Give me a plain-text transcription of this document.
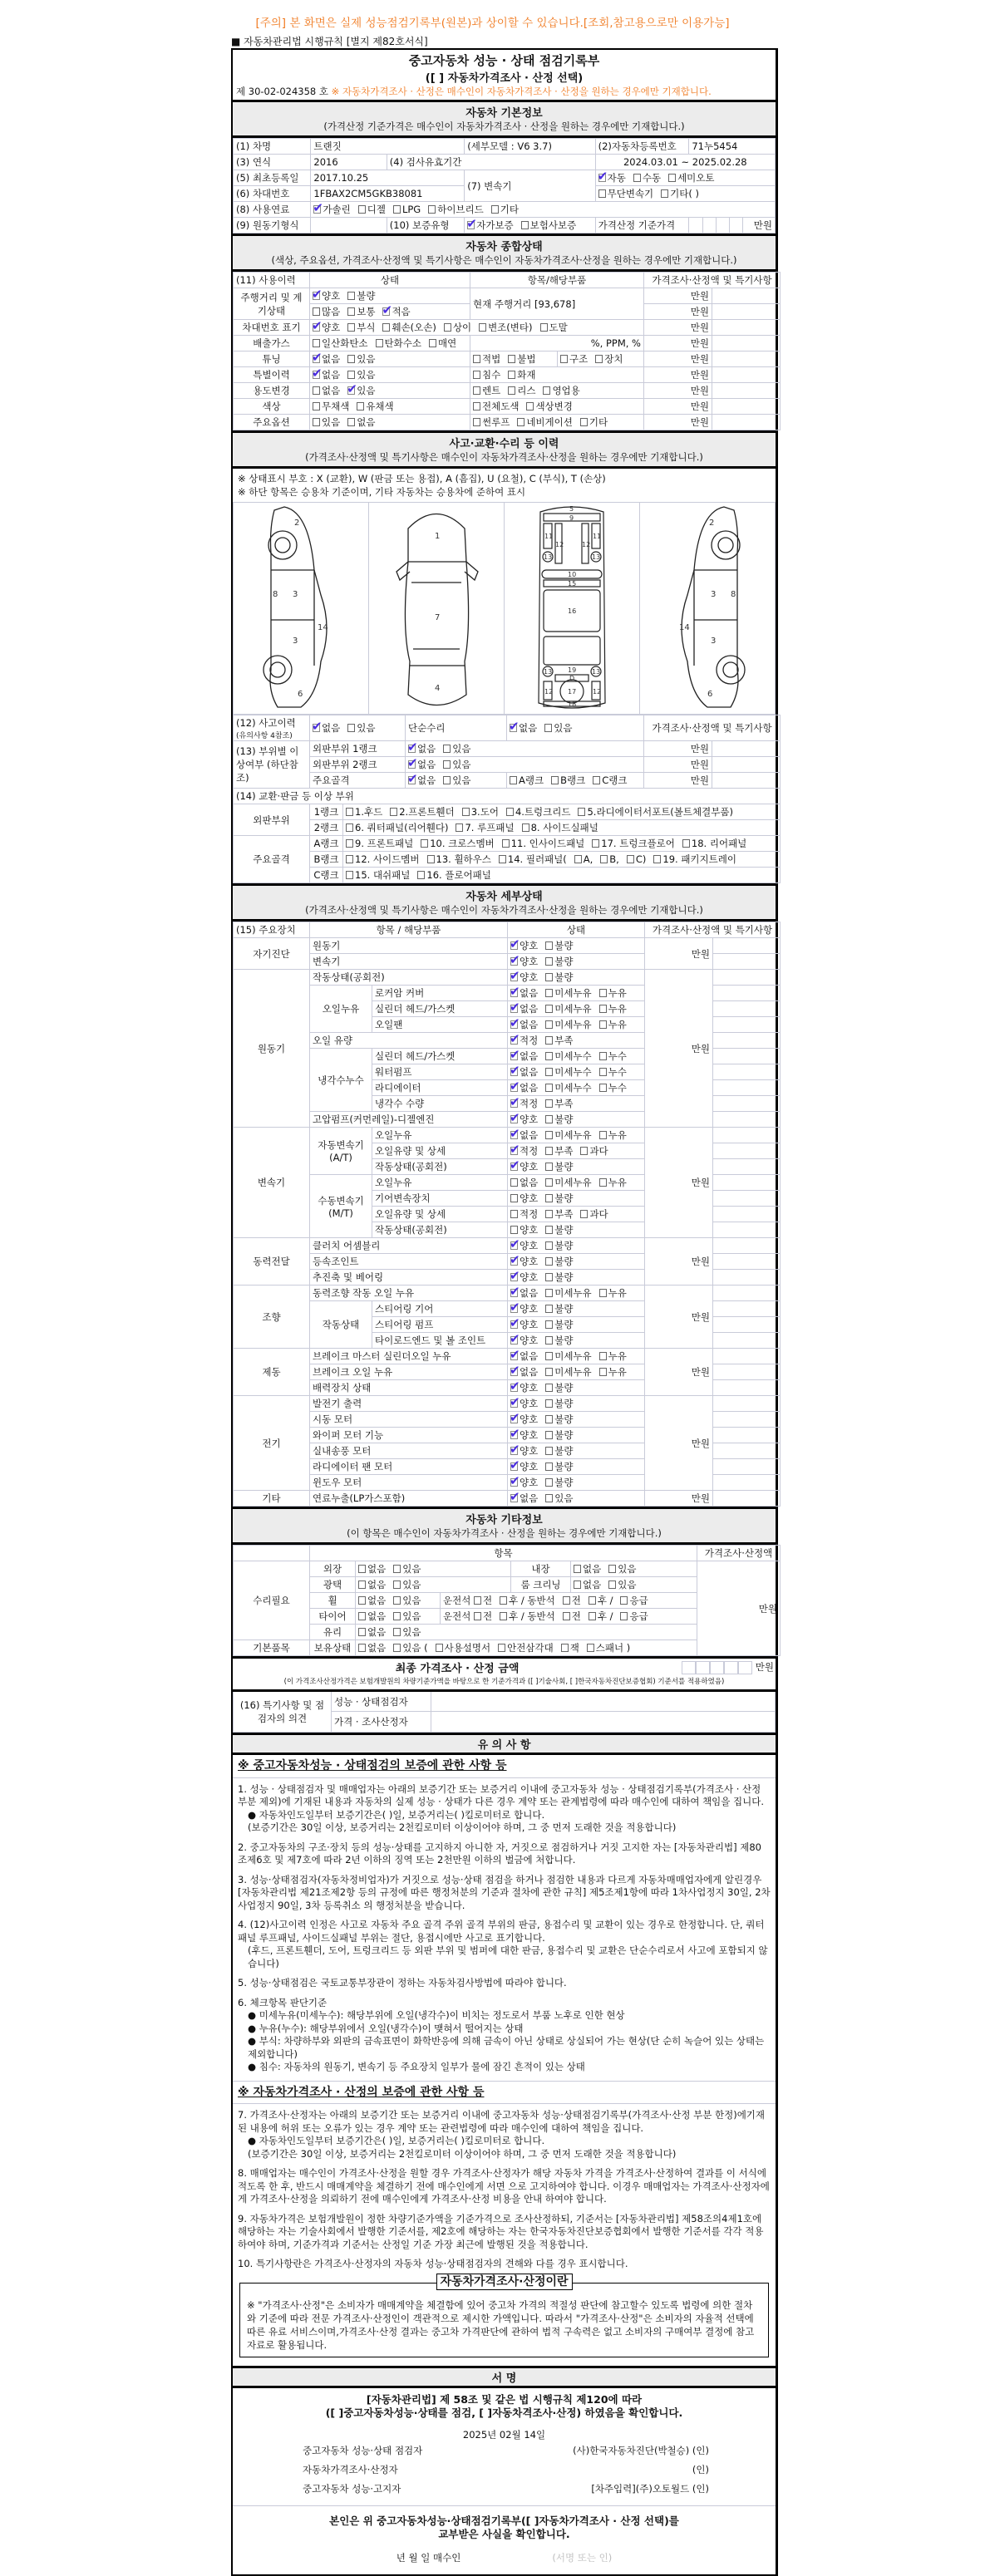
[주의] 본 화면은 실제 성능점검기록부(원본)과 상이할 수 있습니다.[조회,참고용으로만 이용가능]
■ 자동차관리법 시행규칙 [별지 제82호서식]
중고자동차 성능 · 상태 점검기록부
([ ] 자동차가격조사 · 산정 선택)
제 30-02-024358 호 ※ 자동차가격조사 · 산정은 매수인이 자동차가격조사 · 산정을 원하는 경우에만 기재합니다.
자동차 기본정보
(가격산정 기준가격은 매수인이 자동차가격조사 · 산정을 원하는 경우에만 기재합니다.)
(1) 차명	트랜짓		(세부모델 : V6 3.7)	(2)자동차등록번호	71누5454				
(3) 연식	2016	(4) 검사유효기간		2024.03.01 ~ 2025.02.28					
(5) 최초등록일	2017.10.25		(7) 변속기	✔자동 수동 세미오토
(6) 차대번호	1FBAX2CM5GKB38081			무단변속기 기타( )					
(8) 사용연료	✔가솔린 디젤 LPG 하이브리드 기타
(9) 원동기형식		(10) 보증유형	✔자가보증 보험사보증	가격산정 기준가격					만원
자동차 종합상태
(색상, 주요옵션, 가격조사·산정액 및 특기사항은 매수인이 자동차가격조사·산정을 원하는 경우에만 기재합니다.)
(11) 사용이력	상태	항목/해당부품		가격조사·산정액 및 특기사항	
주행거리 및 계기상태	✔양호 불량	현재 주행거리 [93,678]		만원	
	많음 보통 ✔ 적음			만원	
차대번호 표기	✔양호 부식 훼손(오손) 상이 변조(변타) 도말			만원	
배출가스	일산화탄소 탄화수소 매연	%, PPM, %		만원	
튜닝	✔없음 있음	적법 불법	구조 장치	만원	
특별이력	✔없음 있음	침수 화재		만원	
용도변경	없음 ✔ 있음	렌트 리스 영업용		만원	
색상	무채색 유채색	전체도색 색상변경		만원	
주요옵션	있음 없음	썬루프 네비게이션 기타		만원	
사고·교환·수리 등 이력
(가격조사·산정액 및 특기사항은 매수인이 자동차가격조사·산정을 원하는 경우에만 기재합니다.)
※ 상태표시 부호 : X (교환), W (판금 또는 용접), A (흠집), U (요철), C (부식), T (손상)
※ 하단 항목은 승용차 기준이며, 기타 자동차는 승용차에 준하여 표시
2
8 3
14
3
6

1
7
4

5
9
11
12	12
11
13	13
10
15
16
19
13	13
D
17
12	12
18

2
3 8
14
3
6
(12) 사고이력
(유의사항 4참조)
	✔없음 있음		단순수리	✔없음 있음	가격조사·산정액 및 특기사항	
(13) 부위별 이상여부 (하단참조)	외판부위 1랭크	✔없음 있음		만원	
	외판부위 2랭크	✔없음 있음		만원	
	주요골격	✔없음 있음	A랭크 B랭크 C랭크	만원	
(14) 교환·판금 등 이상 부위						
외판부위	1랭크	1.후드 2.프론트휀더 3.도어 4.트렁크리드 5.라디에이터서포트(볼트체결부품)				
	2랭크	6. 쿼터패널(리어휀다) 7. 루프패널 8. 사이드실패널				
주요골격	A랭크	9. 프론트패널 10. 크로스멤버 11. 인사이드패널 17. 트렁크플로어 18. 리어패널				
	B랭크	12. 사이드멤버 13. 휠하우스 14. 필러패널( A, B, C) 19. 패키지트레이				
	C랭크	15. 대쉬패널 16. 플로어패널				
자동차 세부상태
(가격조사·산정액 및 특기사항은 매수인이 자동차가격조사·산정을 원하는 경우에만 기재합니다.)
(15) 주요장치	항목 / 해당부품		상태	가격조사·산정액 및 특기사항	
자기진단	원동기	✔양호 불량	만원	
	변속기	✔양호 불량	
원동기	작동상태(공회전)	✔양호 불량	만원	
	오일누유	로커암 커버	✔없음 미세누유 누유	
		실린더 헤드/가스켓	✔없음 미세누유 누유	
		오일팬	✔없음 미세누유 누유	
	오일 유량	✔적정 부족	
	냉각수누수	실린더 헤드/가스켓	✔없음 미세누수 누수	
		워터펌프	✔없음 미세누수 누수	
		라디에이터	✔없음 미세누수 누수	
		냉각수 수량	✔적정 부족	
	고압펌프(커먼레일)-디젤엔진	✔양호 불량	
변속기	자동변속기 (A/T)	오일누유	✔없음 미세누유 누유	만원	
		오일유량 및 상세	✔적정 부족 과다	
		작동상태(공회전)	✔양호 불량	
	수동변속기 (M/T)	오일누유	없음 미세누유 누유		
		기어변속장치	양호 불량		
		오일유량 및 상세	적정 부족 과다		
		작동상태(공회전)	양호 불량		
동력전달	클러치 어셈블리	✔양호 불량	만원	
	등속조인트	✔양호 불량	
	추진축 및 베어링	✔양호 불량	
조향	동력조향 작동 오일 누유	✔없음 미세누유 누유	만원	
	작동상태	스티어링 기어	✔양호 불량	
		스티어링 펌프	✔양호 불량	
		타이로드엔드 및 볼 조인트	✔양호 불량	
제동	브레이크 마스터 실린더오일 누유	✔없음 미세누유 누유	만원	
	브레이크 오일 누유	✔없음 미세누유 누유	
	배력장치 상태	✔양호 불량	
전기	발전기 출력	✔양호 불량	만원	
	시동 모터	✔양호 불량	
	와이퍼 모터 기능	✔양호 불량	
	실내송풍 모터	✔양호 불량	
	라디에이터 팬 모터	✔양호 불량	
	윈도우 모터	✔양호 불량	
기타	연료누출(LP가스포함)	✔없음 있음	만원	
자동차 기타정보
(이 항목은 매수인이 자동차가격조사 · 산정을 원하는 경우에만 기재합니다.)
	항목					가격조사·산정액
수리필요	외장	없음 있음		내장	없음 있음	만원
	광택	없음 있음		룸 크리닝	없음 있음	
	휠	없음 있음	운전석 전 후 / 동반석 전 후 / 응급			
	타이어	없음 있음	운전석 전 후 / 동반석 전 후 / 응급			
	유리	없음 있음				
기본품목	보유상태	없음 있음 ( 사용설명서 안전삼각대 잭 스패너 )				
최종 가격조사 · 산정 금액	만원
(이 가격조사산정가격은 보험개발원의 차량기준가액을 바탕으로 한 기준가격과 ([ ]기술사회, [ ]한국자동차진단보증협회) 기준서를 적용하였음)
(16) 특기사항 및 점검자의 의견	성능 · 상태점검자	
	가격 · 조사산정자	
유 의 사 항
※ 중고자동차성능 · 상태점검의 보증에 관한 사항 등

1. 성능 · 상태점검자 및 매매업자는 아래의 보증기간 또는 보증거리 이내에 중고자동차 성능 · 상태점검기록부(가격조사 · 산정 부분 제외)에 기재된 내용과 자동차의 실제 성능 · 상태가 다른 경우 계약 또는 관계법령에 따라 매수인에 대하여 책임을 집니다.
● 자동차인도일부터 보증기간은( )일, 보증거리는( )킬로미터로 합니다.
(보증기간은 30일 이상, 보증거리는 2천킬로미터 이상이어야 하며, 그 중 먼저 도래한 것을 적용합니다)

2. 중고자동차의 구조·장치 등의 성능·상태를 고지하지 아니한 자, 거짓으로 점검하거나 거짓 고지한 자는 [자동차관리법] 제80조제6호 및 제7호에 따라 2년 이하의 징역 또는 2천만원 이하의 벌금에 처합니다.

3. 성능·상태점검자(자동차정비업자)가 거짓으로 성능·상태 점검을 하거나 점검한 내용과 다르게 자동차매매업자에게 알린경우 [자동차관리법 제21조제2항 등의 규정에 따른 행정처분의 기준과 절차에 관한 규칙] 제5조제1항에 따라 1차사업정지 30일, 2차 사업정지 90일, 3차 등록취소 의 행정처분을 받습니다.

4. (12)사고이력 인정은 사고로 자동차 주요 골격 주위 골격 부위의 판금, 용접수리 및 교환이 있는 경우로 한정합니다. 단, 쿼터패널 루프패널, 사이드실패널 부위는 절단, 용접시에만 사고로 표기합니다.
(후드, 프론트휀더, 도어, 트렁크리드 등 외판 부위 및 범퍼에 대한 판금, 용접수리 및 교환은 단순수리로서 사고에 포함되지 않습니다)

5. 성능·상태점검은 국토교통부장관이 정하는 자동차검사방법에 따라야 합니다.

6. 체크항목 판단기준
● 미세누유(미세누수): 해당부위에 오일(냉각수)이 비치는 정도로서 부품 노후로 인한 현상
● 누유(누수): 해당부위에서 오일(냉각수)이 맺혀서 떨어지는 상태
● 부식: 차량하부와 외판의 금속표면이 화학반응에 의해 금속이 아닌 상태로 상실되어 가는 현상(단 순히 녹슬어 있는 상태는 제외합니다)
● 침수: 자동차의 원동기, 변속기 등 주요장치 일부가 물에 잠긴 흔적이 있는 상태

※ 자동차가격조사 · 산정의 보증에 관한 사항 등

7. 가격조사·산정자는 아래의 보증기간 또는 보증거리 이내에 중고자동차 성능·상태점검기록부(가격조사·산정 부분 한정)에기재된 내용에 허위 또는 오류가 있는 경우 계약 또는 관련법령에 따라 매수인에 대하여 책임을 집니다.
● 자동차인도일부터 보증기간은( )일, 보증거리는( )킬로미터로 합니다.
(보증기간은 30일 이상, 보증거리는 2천킬로미터 이상이어야 하며, 그 중 먼저 도래한 것을 적용합니다)

8. 매매업자는 매수인이 가격조사·산정을 원할 경우 가격조사·산정자가 해당 자동차 가격을 가격조사·산정하여 결과를 이 서식에 적도록 한 후, 반드시 매매계약을 체결하기 전에 매수인에게 서면 으로 고지하여야 합니다. 이경우 매매업자는 가격조사·산정자에게 가격조사·산정을 의뢰하기 전에 매수인에게 가격조사·산정 비용을 안내 하여야 합니다.

9. 자동차가격은 보험개발원이 정한 차량기준가액을 기준가격으로 조사산정하되, 기준서는 [자동차관리법] 제58조의4제1호에 해당하는 자는 기술사회에서 발행한 기준서를, 제2호에 해당하는 자는 한국자동차진단보증협회에서 발행한 기준서를 각각 적용하여야 하며, 기준가격과 기준서는 산정일 기준 가장 최근에 발행된 것을 적용합니다.

10. 특기사항란은 가격조사·산정자의 자동차 성능·상태점검자의 견해와 다를 경우 표시합니다.

자동차가격조사·산정이란
※ "가격조사·산정"은 소비자가 매매계약을 체결함에 있어 중고차 가격의 적절성 판단에 참고할수 있도록 법령에 의한 절차와 기준에 따라 전문 가격조사·산정인이 객관적으로 제시한 가액입니다. 따라서 "가격조사·산정"은 소비자의 자율적 선택에 따른 유료 서비스이며,가격조사·산정 결과는 중고차 가격판단에 관하여 법적 구속력은 없고 소비자의 구매여부 결정에 참고자료로 활용됩니다.
서 명
[자동차관리법] 제 58조 및 같은 법 시행규칙 제120에 따라
([ ]중고자동차성능·상태를 점검, [ ]자동차격조사·산정) 하였음을 확인합니다.
2025년 02월 14일
중고자동차 성능·상태 점검자	(사)한국자동차진단(박철승) (인)
자동차가격조사·산정자	(인)
중고자동차 성능·고지자	[차주입력](주)오토월드 (인)
본인은 위 중고자동차성능·상태점검기록부([ ]자동차가격조사 · 산정 선택)를
교부받은 사실을 확인합니다.
년 월 일 매수인	(서명 또는 인)
